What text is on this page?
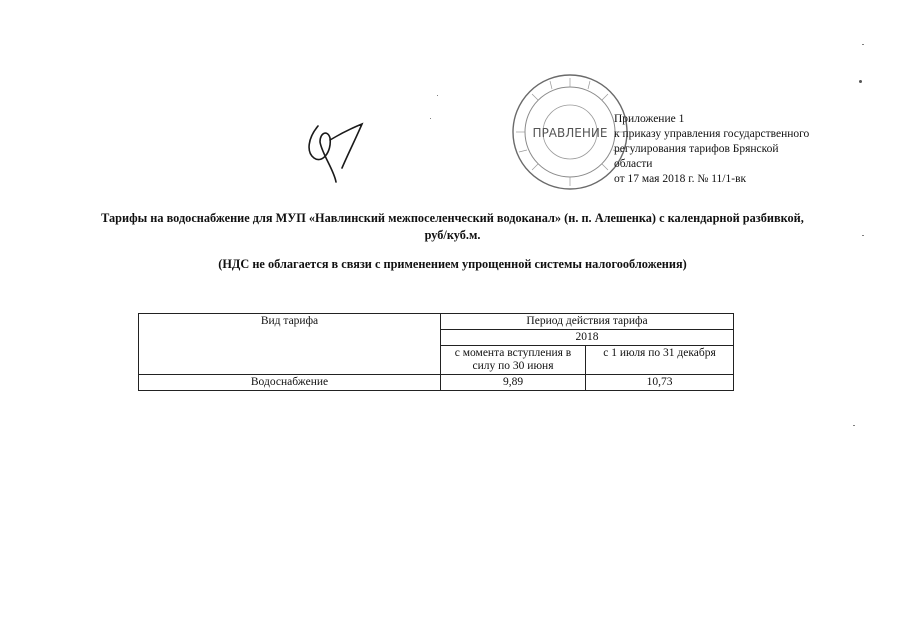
ПРАВЛЕНИЕ
Приложение 1
к приказу управления государственного
регулирования тарифов Брянской
области
от 17 мая 2018 г. № 11/1-вк
Тарифы на водоснабжение для МУП «Навлинский межпоселенческий водоканал» (н. п. Алешенка) с календарной разбивкой,
руб/куб.м.
(НДС не облагается в связи с применением упрощенной системы налогообложения)
Вид тарифа	Период действия тарифа	
	2018	
	с момента вступления в силу по 30 июня	с 1 июля по 31 декабря
Водоснабжение	9,89	10,73
